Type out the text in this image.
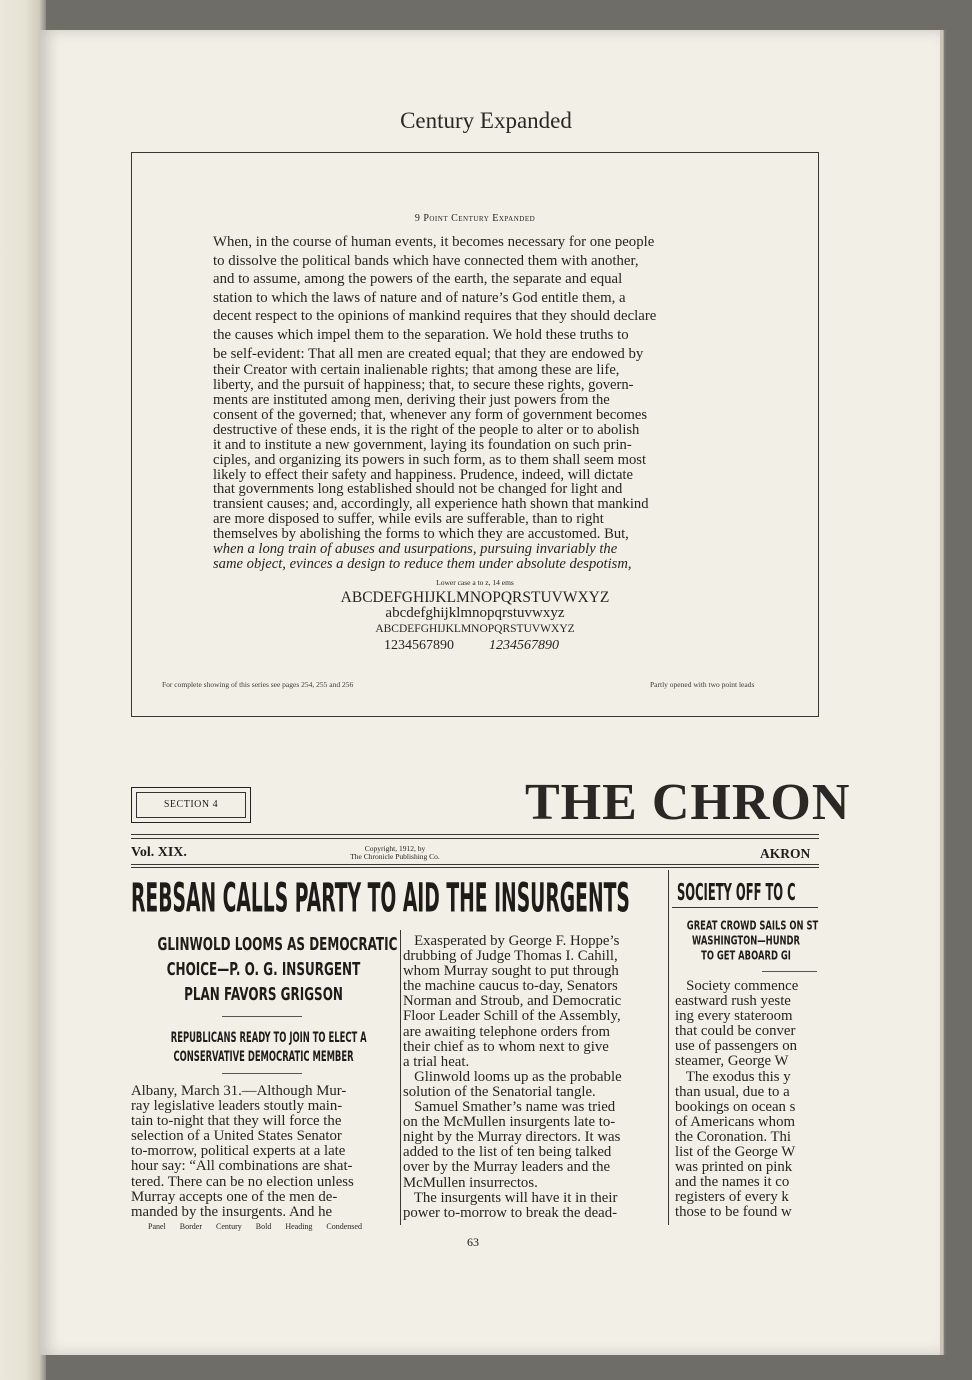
Century Expanded
9 Point Century Expanded
When, in the course of human events, it becomes necessary for one people
to dissolve the political bands which have connected them with another,
and to assume, among the powers of the earth, the separate and equal
station to which the laws of nature and of nature’s God entitle them, a
decent respect to the opinions of mankind requires that they should declare
the causes which impel them to the separation. We hold these truths to
be self-evident: That all men are created equal; that they are endowed by
their Creator with certain inalienable rights; that among these are life,
liberty, and the pursuit of happiness; that, to secure these rights, govern-
ments are instituted among men, deriving their just powers from the
consent of the governed; that, whenever any form of government becomes
destructive of these ends, it is the right of the people to alter or to abolish
it and to institute a new government, laying its foundation on such prin-
ciples, and organizing its powers in such form, as to them shall seem most
likely to effect their safety and happiness. Prudence, indeed, will dictate
that governments long established should not be changed for light and
transient causes; and, accordingly, all experience hath shown that mankind
are more disposed to suffer, while evils are sufferable, than to right
themselves by abolishing the forms to which they are accustomed. But,
when a long train of abuses and usurpations, pursuing invariably the
same object, evinces a design to reduce them under absolute despotism,
Lower case a to z, 14 ems
ABCDEFGHIJKLMNOPQRSTUVWXYZ
abcdefghijklmnopqrstuvwxyz
ABCDEFGHIJKLMNOPQRSTUVWXYZ
1234567890	1234567890
For complete showing of this series see pages 254, 255 and 256	Partly opened with two point leads
SECTION 4	THE CHRON
Vol. XIX.	Copyright, 1912, by
The Chronicle Publishing Co.	AKRON
REBSAN CALLS PARTY TO AID THE INSURGENTS
GLINWOLD LOOMS AS DEMOCRATIC
CHOICE—P. O. G. INSURGENT
PLAN FAVORS GRIGSON
REPUBLICANS READY TO JOIN TO ELECT A
CONSERVATIVE DEMOCRATIC MEMBER
Albany, March 31.—Although Mur-
ray legislative leaders stoutly main-
tain to-night that they will force the
selection of a United States Senator
to-morrow, political experts at a late
hour say: “All combinations are shat-
tered. There can be no election unless
Murray accepts one of the men de-
manded by the insurgents. And he
Exasperated by George F. Hoppe’s
drubbing of Judge Thomas I. Cahill,
whom Murray sought to put through
the machine caucus to-day, Senators
Norman and Stroub, and Democratic
Floor Leader Schill of the Assembly,
are awaiting telephone orders from
their chief as to whom next to give
a trial heat.
Glinwold looms up as the probable
solution of the Senatorial tangle.
Samuel Smather’s name was tried
on the McMullen insurgents late to-
night by the Murray directors. It was
added to the list of ten being talked
over by the Murray leaders and the
McMullen insurrectos.
The insurgents will have it in their
power to-morrow to break the dead-
SOCIETY OFF TO C
GREAT CROWD SAILS ON ST
WASHINGTON—HUNDR
TO GET ABOARD GI
Society commence
eastward rush yeste
ing every stateroom
that could be conver
use of passengers on
steamer, George W
The exodus this y
than usual, due to a
bookings on ocean s
of Americans whom
the Coronation. Thi
list of the George W
was printed on pink
and the names it co
registers of every k
those to be found w
Panel Border Century Bold Heading Condensed
63
